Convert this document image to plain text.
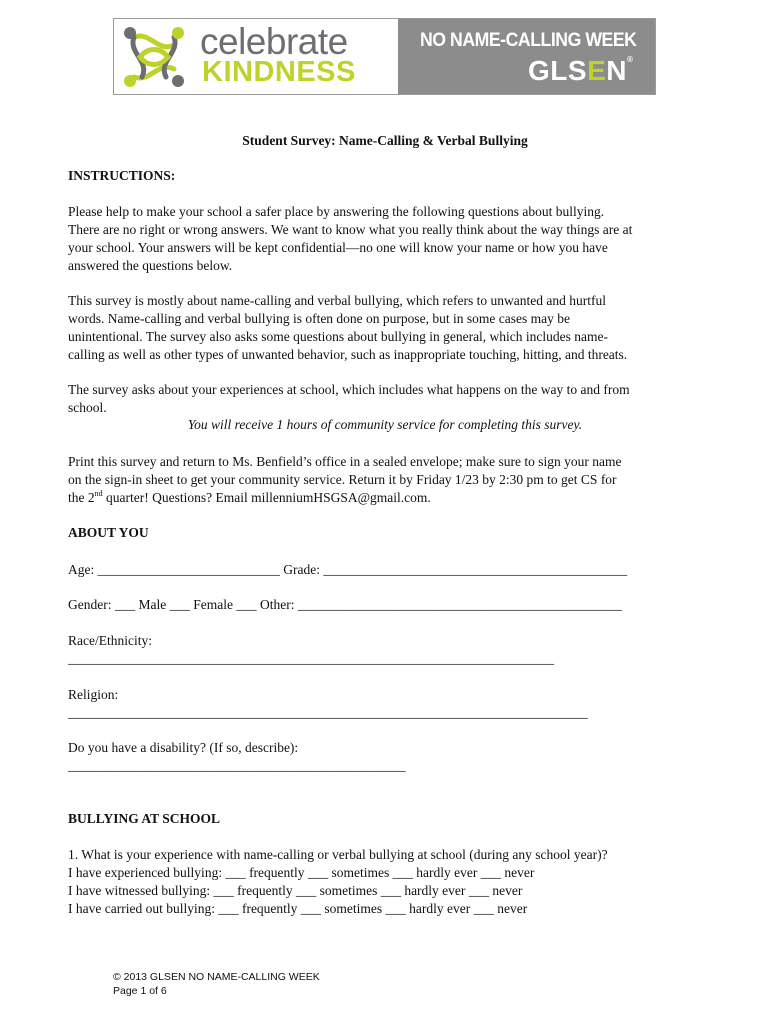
celebrate
KINDNESS
NO NAME-CALLING WEEK
GLSEN®
Student Survey: Name-Calling & Verbal Bullying
INSTRUCTIONS:
Please help to make your school a safer place by answering the following questions about bullying.
There are no right or wrong answers. We want to know what you really think about the way things are at
your school. Your answers will be kept confidential—no one will know your name or how you have
answered the questions below.
This survey is mostly about name-calling and verbal bullying, which refers to unwanted and hurtful
words. Name-calling and verbal bullying is often done on purpose, but in some cases may be
unintentional. The survey also asks some questions about bullying in general, which includes name-
calling as well as other types of unwanted behavior, such as inappropriate touching, hitting, and threats.
The survey asks about your experiences at school, which includes what happens on the way to and from
school.
You will receive 1 hours of community service for completing this survey.
Print this survey and return to Ms. Benfield’s office in a sealed envelope; make sure to sign your name
on the sign-in sheet to get your community service. Return it by Friday 1/23 by 2:30 pm to get CS for
the 2nd quarter! Questions? Email millenniumHSGSA@gmail.com.
ABOUT YOU
Age: ___________________________ Grade: _____________________________________________
Gender: ___ Male ___ Female ___ Other: ________________________________________________
Race/Ethnicity:
________________________________________________________________________
Religion:
_____________________________________________________________________________
Do you have a disability? (If so, describe):
__________________________________________________
BULLYING AT SCHOOL
1. What is your experience with name-calling or verbal bullying at school (during any school year)?
I have experienced bullying: ___ frequently ___ sometimes ___ hardly ever ___ never
I have witnessed bullying: ___ frequently ___ sometimes ___ hardly ever ___ never
I have carried out bullying: ___ frequently ___ sometimes ___ hardly ever ___ never
© 2013 GLSEN NO NAME-CALLING WEEK
Page 1 of 6
